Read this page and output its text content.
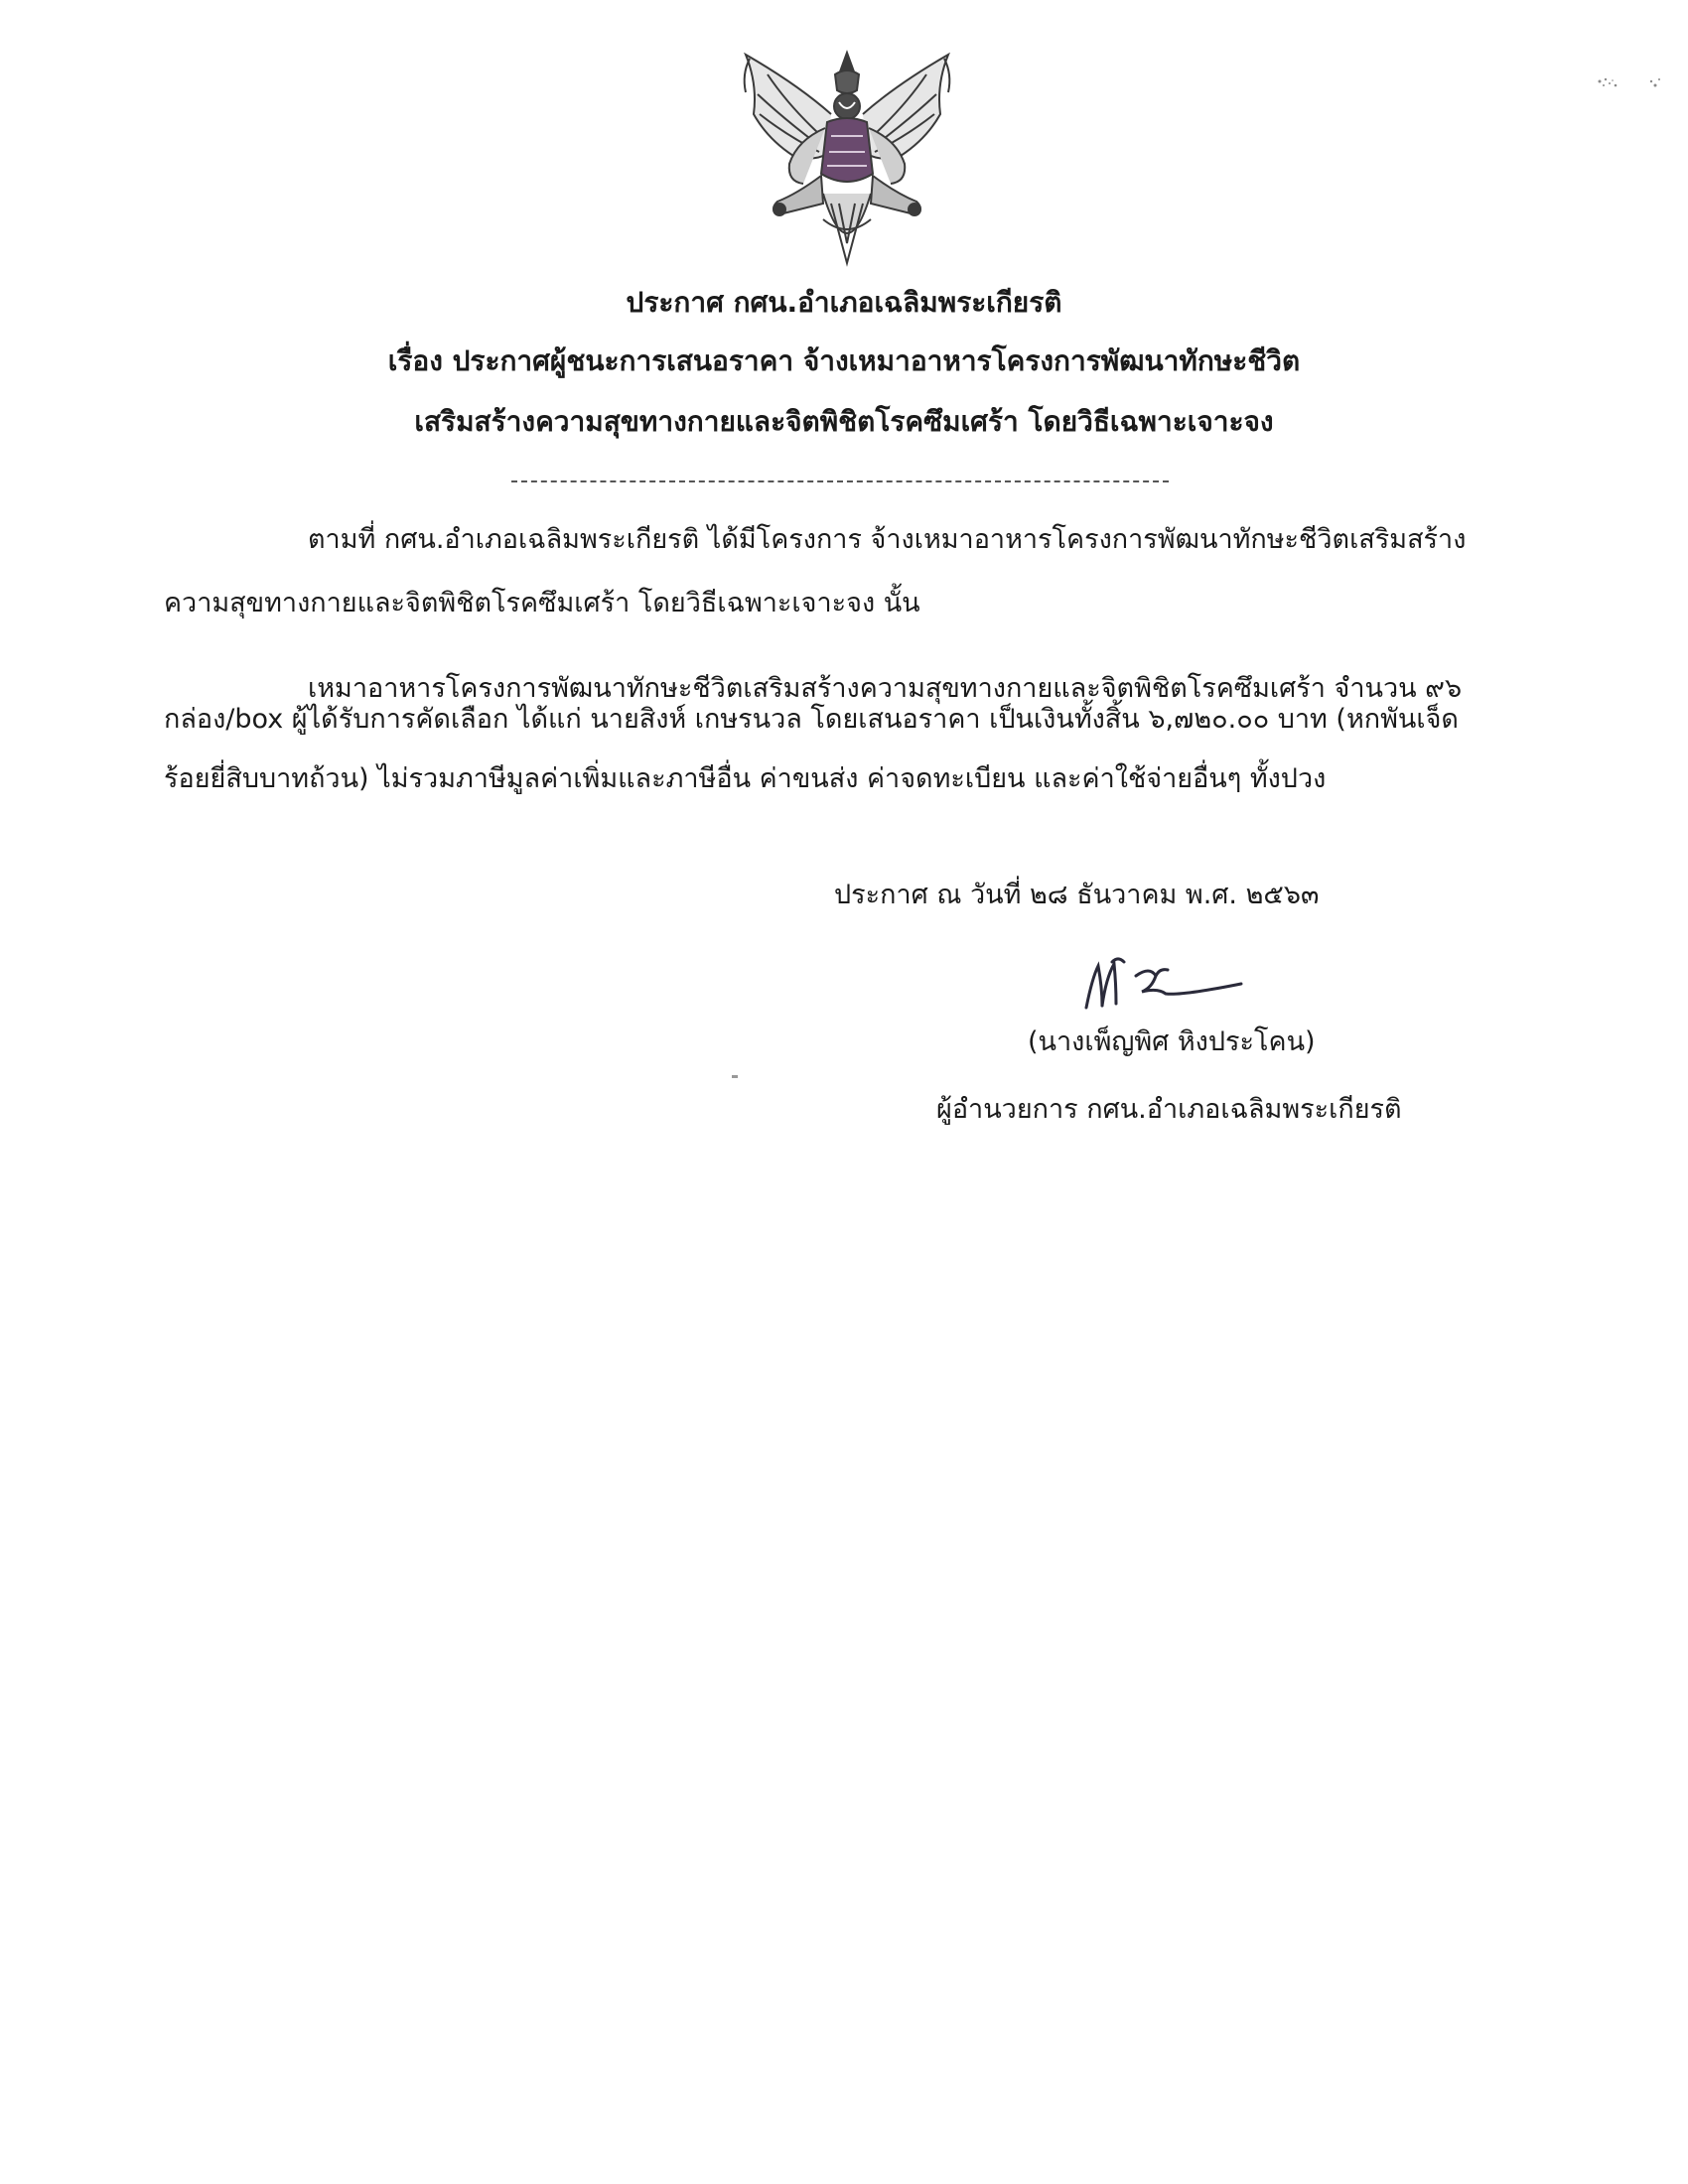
ประกาศ กศน.อำเภอเฉลิมพระเกียรติ
เรื่อง ประกาศผู้ชนะการเสนอราคา จ้างเหมาอาหารโครงการพัฒนาทักษะชีวิต
เสริมสร้างความสุขทางกายและจิตพิชิตโรคซึมเศร้า โดยวิธีเฉพาะเจาะจง
ตามที่ กศน.อำเภอเฉลิมพระเกียรติ ได้มีโครงการ จ้างเหมาอาหารโครงการพัฒนาทักษะชีวิตเสริมสร้าง
ความสุขทางกายและจิตพิชิตโรคซึมเศร้า โดยวิธีเฉพาะเจาะจง นั้น
เหมาอาหารโครงการพัฒนาทักษะชีวิตเสริมสร้างความสุขทางกายและจิตพิชิตโรคซึมเศร้า จำนวน ๙๖
กล่อง/box ผู้ได้รับการคัดเลือก ได้แก่ นายสิงห์ เกษรนวล โดยเสนอราคา เป็นเงินทั้งสิ้น ๖,๗๒๐.๐๐ บาท (หกพันเจ็ด
ร้อยยี่สิบบาทถ้วน) ไม่รวมภาษีมูลค่าเพิ่มและภาษีอื่น ค่าขนส่ง ค่าจดทะเบียน และค่าใช้จ่ายอื่นๆ ทั้งปวง
ประกาศ ณ วันที่ ๒๘ ธันวาคม พ.ศ. ๒๕๖๓
(นางเพ็ญพิศ หิงประโคน)
ผู้อำนวยการ กศน.อำเภอเฉลิมพระเกียรติ
